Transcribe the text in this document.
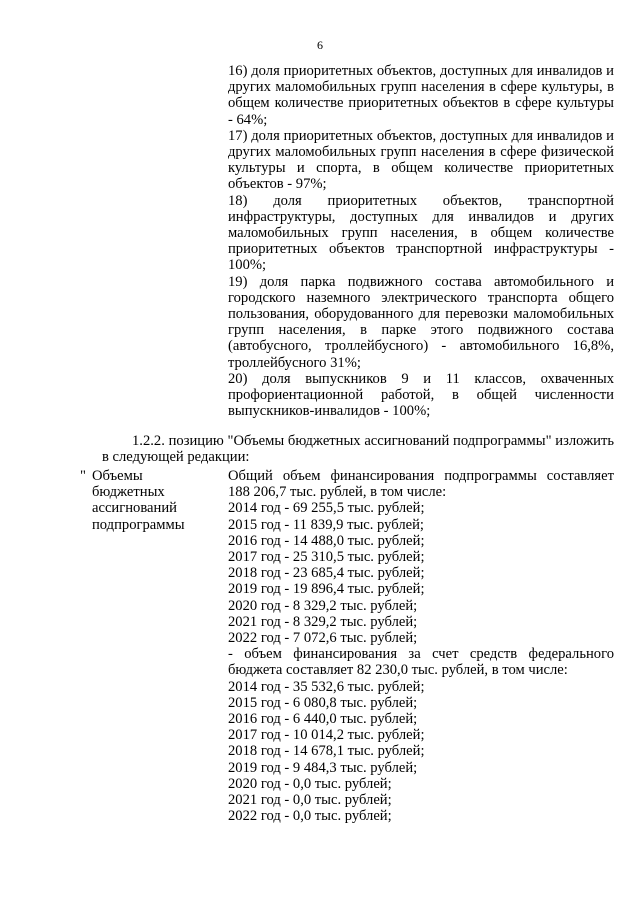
6

16) доля приоритетных объектов, доступных для инвалидов и других маломобильных групп населения в сфере культуры, в общем количестве приоритетных объектов в сфере культуры - 64%;

17) доля приоритетных объектов, доступных для инвалидов и других маломобильных групп населения в сфере физической культуры и спорта, в общем количестве приоритетных объектов - 97%;

18) доля приоритетных объектов, транспортной инфраструктуры, доступных для инвалидов и других маломобильных групп населения, в общем количестве приоритетных объектов транспортной инфраструктуры - 100%;

19) доля парка подвижного состава автомобильного и городского наземного электрического транспорта общего пользования, оборудованного для перевозки маломобильных групп населения, в парке этого подвижного состава (автобусного, троллейбусного) - автомобильного 16,8%, троллейбусного 31%;

20) доля выпускников 9 и 11 классов, охваченных профориентационной работой, в общей численности выпускников-инвалидов - 100%;

1.2.2. позицию "Объемы бюджетных ассигнований подпрограммы" изложить в следующей редакции:

" Объемы
бюджетных
ассигнований
подпрограммы

Общий объем финансирования подпрограммы составляет 188 206,7 тыс. рублей, в том числе:

2014 год - 69 255,5 тыс. рублей;

2015 год - 11 839,9 тыс. рублей;

2016 год - 14 488,0 тыс. рублей;

2017 год - 25 310,5 тыс. рублей;

2018 год - 23 685,4 тыс. рублей;

2019 год - 19 896,4 тыс. рублей;

2020 год - 8 329,2 тыс. рублей;

2021 год - 8 329,2 тыс. рублей;

2022 год - 7 072,6 тыс. рублей;

- объем финансирования за счет средств федерального бюджета составляет 82 230,0 тыс. рублей, в том числе:

2014 год - 35 532,6 тыс. рублей;

2015 год - 6 080,8 тыс. рублей;

2016 год - 6 440,0 тыс. рублей;

2017 год - 10 014,2 тыс. рублей;

2018 год - 14 678,1 тыс. рублей;

2019 год - 9 484,3 тыс. рублей;

2020 год - 0,0 тыс. рублей;

2021 год - 0,0 тыс. рублей;

2022 год - 0,0 тыс. рублей;
